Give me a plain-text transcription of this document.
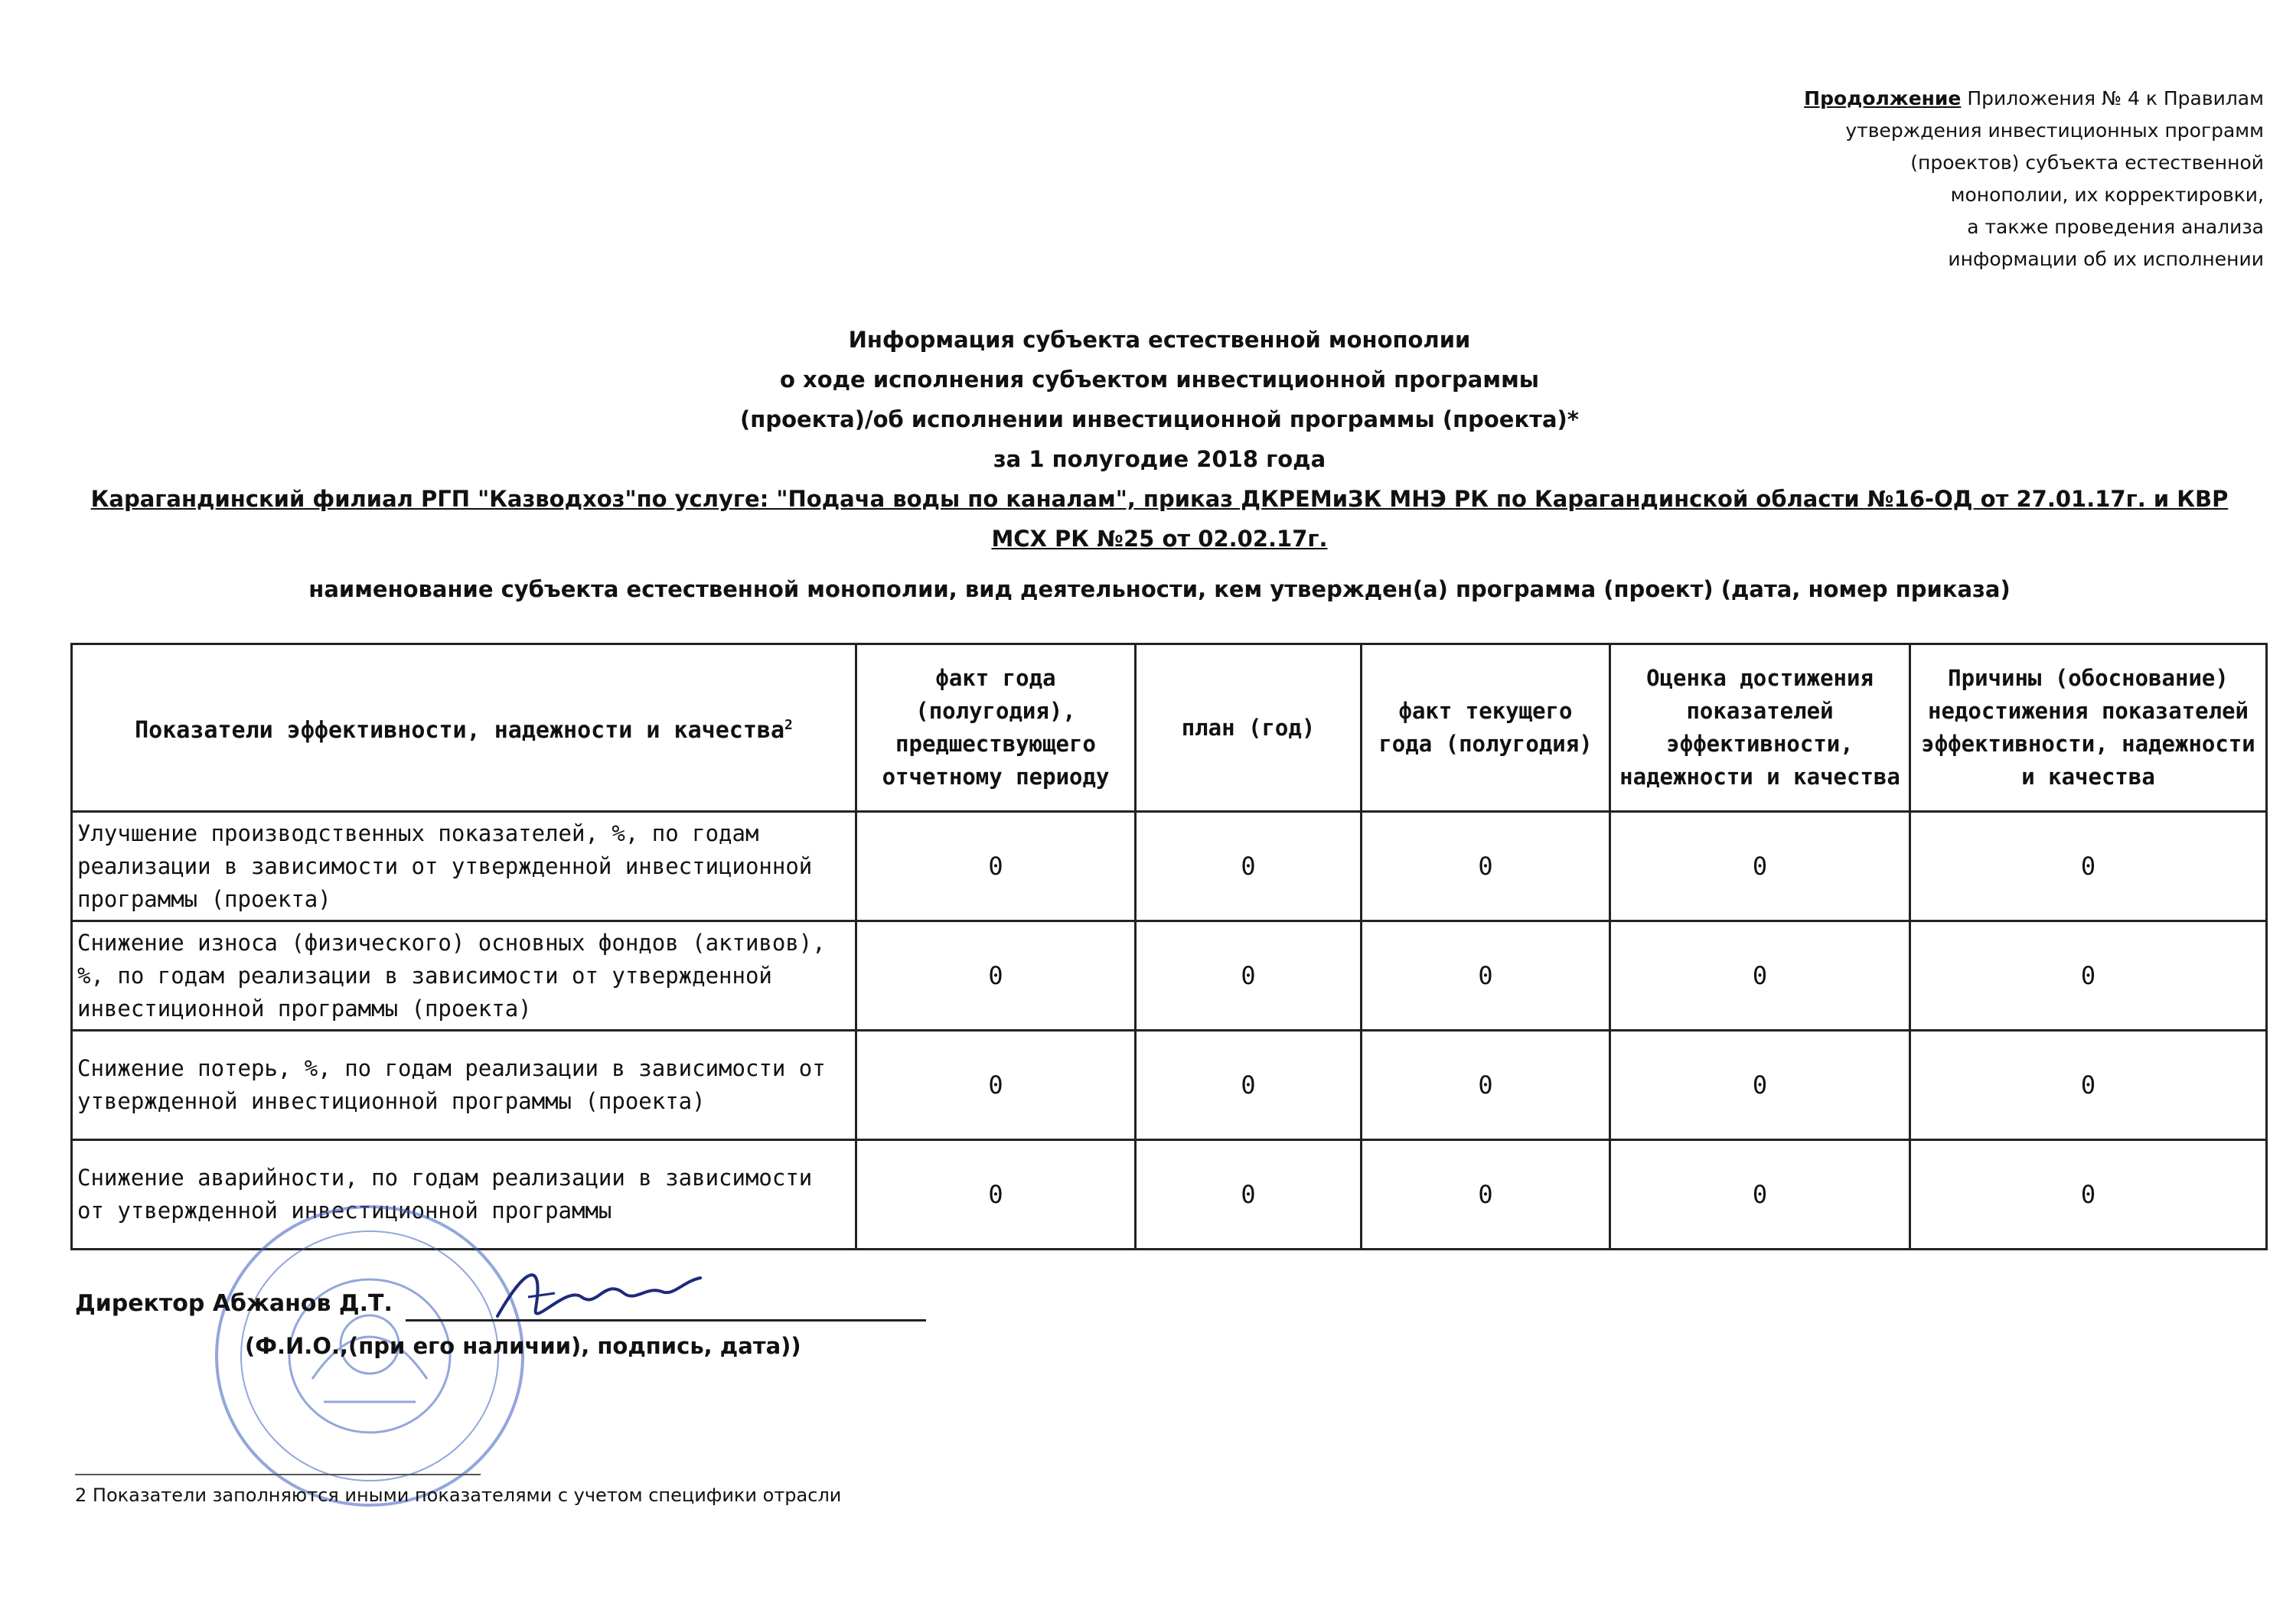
Продолжение Приложения № 4 к Правилам
утверждения инвестиционных программ
(проектов) субъекта естественной
монополии, их корректировки,
а также проведения анализа
информации об их исполнении
Информация субъекта естественной монополии
о ходе исполнения субъектом инвестиционной программы
(проекта)/об исполнении инвестиционной программы (проекта)*
за 1 полугодие 2018 года
Карагандинский филиал РГП "Казводхоз"по услуге: "Подача воды по каналам", приказ ДКРЕМиЗК МНЭ РК по Карагандинской области №16-ОД от 27.01.17г. и КВР
МСХ РК №25 от 02.02.17г.
наименование субъекта естественной монополии, вид деятельности, кем утвержден(а) программа (проект) (дата, номер приказа)
Показатели эффективности, надежности и качества$^2$	факт года (полугодия), предшествующего отчетному периоду	план (год)	факт текущего года (полугодия)	Оценка достижения показателей эффективности, надежности и качества	Причины (обоснование) недостижения показателей эффективности, надежности и качества
Улучшение производственных показателей, %, по годам реализации в зависимости от утвержденной инвестиционной программы (проекта)	0	0	0	0	0
Снижение износа (физического) основных фондов (активов), %, по годам реализации в зависимости от утвержденной инвестиционной программы (проекта)	0	0	0	0	0
Снижение потерь, %, по годам реализации в зависимости от утвержденной инвестиционной программы (проекта)	0	0	0	0	0
Снижение аварийности, по годам реализации в зависимости от утвержденной инвестиционной программы	0	0	0	0	0
Директор Абжанов Д.Т.
(Ф.И.О.,(при его наличии), подпись, дата))
2 Показатели заполняются иными показателями с учетом специфики отрасли
